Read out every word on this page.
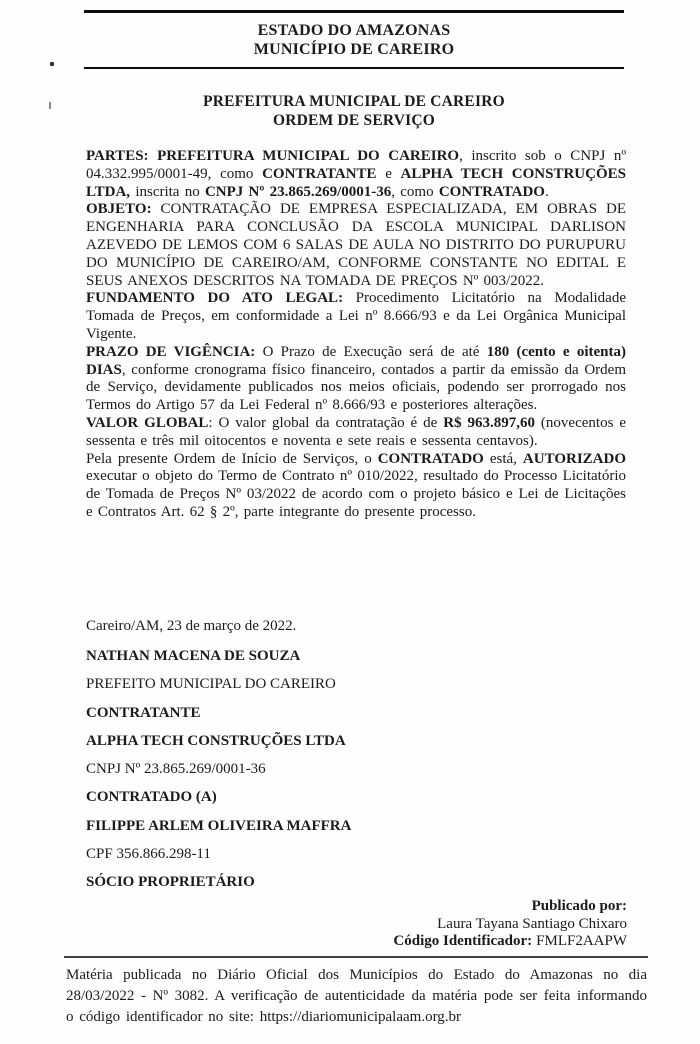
ESTADO DO AMAZONAS
MUNICÍPIO DE CAREIRO
PREFEITURA MUNICIPAL DE CAREIRO
ORDEM DE SERVIÇO

PARTES: PREFEITURA MUNICIPAL DO CAREIRO, inscrito sob o CNPJ nº 04.332.995/0001-49, como CONTRATANTE e ALPHA TECH CONSTRUÇÕES LTDA, inscrita no CNPJ Nº 23.865.269/0001-36, como CONTRATADO.

OBJETO: CONTRATAÇÃO DE EMPRESA ESPECIALIZADA, EM OBRAS DE ENGENHARIA PARA CONCLUSÃO DA ESCOLA MUNICIPAL DARLISON AZEVEDO DE LEMOS COM 6 SALAS DE AULA NO DISTRITO DO PURUPURU DO MUNICÍPIO DE CAREIRO/AM, CONFORME CONSTANTE NO EDITAL E SEUS ANEXOS DESCRITOS NA TOMADA DE PREÇOS Nº 003/2022.

FUNDAMENTO DO ATO LEGAL: Procedimento Licitatório na Modalidade Tomada de Preços, em conformidade a Lei nº 8.666/93 e da Lei Orgânica Municipal Vigente.

PRAZO DE VIGÊNCIA: O Prazo de Execução será de até 180 (cento e oitenta) DIAS, conforme cronograma físico financeiro, contados a partir da emissão da Ordem de Serviço, devidamente publicados nos meios oficiais, podendo ser prorrogado nos Termos do Artigo 57 da Lei Federal nº 8.666/93 e posteriores alterações.

VALOR GLOBAL: O valor global da contratação é de R$ 963.897,60 (novecentos e sessenta e três mil oitocentos e noventa e sete reais e sessenta centavos).

Pela presente Ordem de Início de Serviços, o CONTRATADO está, AUTORIZADO executar o objeto do Termo de Contrato nº 010/2022, resultado do Processo Licitatório de Tomada de Preços Nº 03/2022 de acordo com o projeto básico e Lei de Licitações e Contratos Art. 62 § 2º, parte integrante do presente processo.

Careiro/AM, 23 de março de 2022.

NATHAN MACENA DE SOUZA

PREFEITO MUNICIPAL DO CAREIRO

CONTRATANTE

ALPHA TECH CONSTRUÇÕES LTDA

CNPJ Nº 23.865.269/0001-36

CONTRATADO (A)

FILIPPE ARLEM OLIVEIRA MAFFRA

CPF 356.866.298-11

SÓCIO PROPRIETÁRIO

Publicado por:
Laura Tayana Santiago Chixaro
Código Identificador: FMLF2AAPW

Matéria publicada no Diário Oficial dos Municípios do Estado do Amazonas no dia 28/03/2022 - Nº 3082. A verificação de autenticidade da matéria pode ser feita informando o código identificador no site: https://diariomunicipalaam.org.br
